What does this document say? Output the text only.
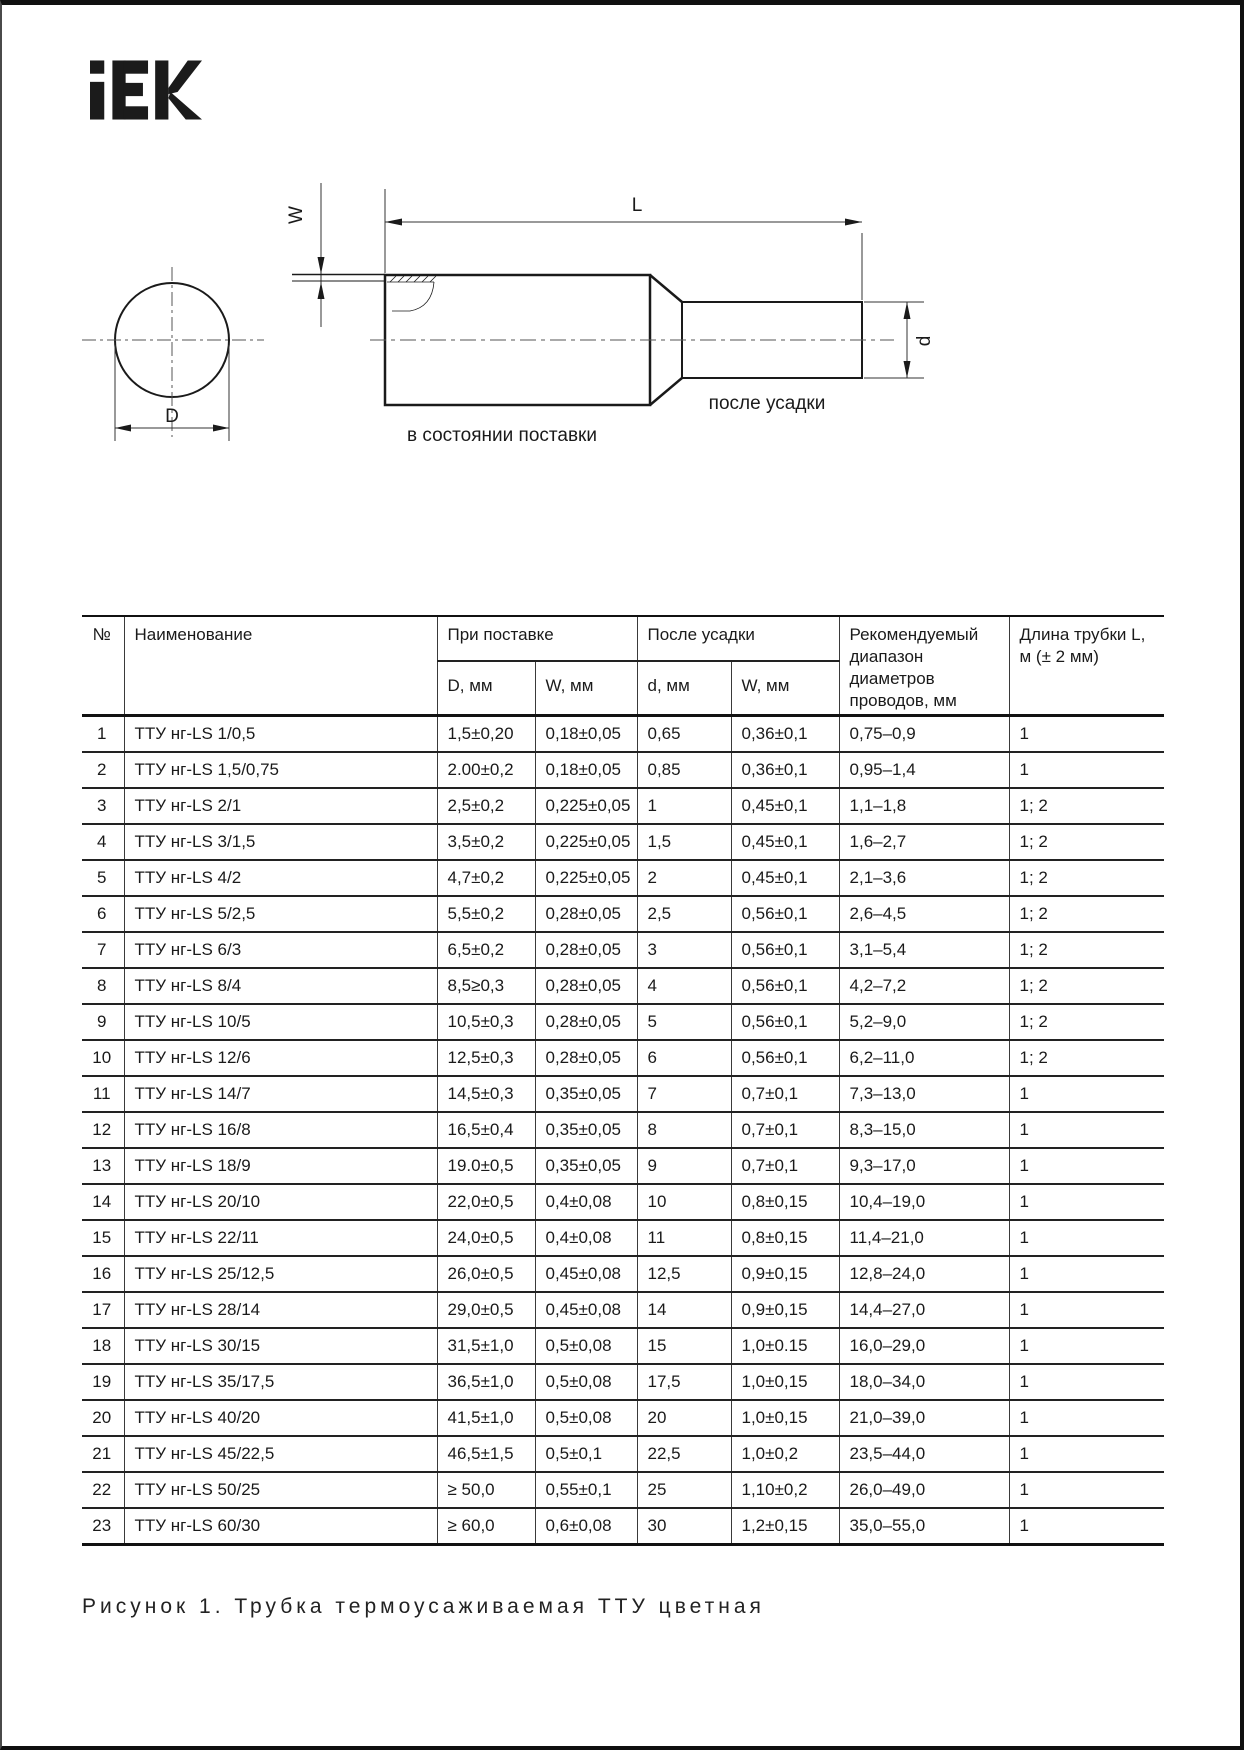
D
W	L
d
в состоянии поставки
после усадки
№	Наименование	При поставке		После усадки		Рекомендуемый диапазон диаметров проводов, мм	Длина трубки L, м (± 2 мм)
		D, мм	W, мм	d, мм	W, мм		
1	ТТУ нг-LS 1/0,5	1,5±0,20	0,18±0,05	0,65	0,36±0,1	0,75–0,9	1
2	ТТУ нг-LS 1,5/0,75	2.00±0,2	0,18±0,05	0,85	0,36±0,1	0,95–1,4	1
3	ТТУ нг-LS 2/1	2,5±0,2	0,225±0,05	1	0,45±0,1	1,1–1,8	1; 2
4	ТТУ нг-LS 3/1,5	3,5±0,2	0,225±0,05	1,5	0,45±0,1	1,6–2,7	1; 2
5	ТТУ нг-LS 4/2	4,7±0,2	0,225±0,05	2	0,45±0,1	2,1–3,6	1; 2
6	ТТУ нг-LS 5/2,5	5,5±0,2	0,28±0,05	2,5	0,56±0,1	2,6–4,5	1; 2
7	ТТУ нг-LS 6/3	6,5±0,2	0,28±0,05	3	0,56±0,1	3,1–5,4	1; 2
8	ТТУ нг-LS 8/4	8,5≥0,3	0,28±0,05	4	0,56±0,1	4,2–7,2	1; 2
9	ТТУ нг-LS 10/5	10,5±0,3	0,28±0,05	5	0,56±0,1	5,2–9,0	1; 2
10	ТТУ нг-LS 12/6	12,5±0,3	0,28±0,05	6	0,56±0,1	6,2–11,0	1; 2
11	ТТУ нг-LS 14/7	14,5±0,3	0,35±0,05	7	0,7±0,1	7,3–13,0	1
12	ТТУ нг-LS 16/8	16,5±0,4	0,35±0,05	8	0,7±0,1	8,3–15,0	1
13	ТТУ нг-LS 18/9	19.0±0,5	0,35±0,05	9	0,7±0,1	9,3–17,0	1
14	ТТУ нг-LS 20/10	22,0±0,5	0,4±0,08	10	0,8±0,15	10,4–19,0	1
15	ТТУ нг-LS 22/11	24,0±0,5	0,4±0,08	11	0,8±0,15	11,4–21,0	1
16	ТТУ нг-LS 25/12,5	26,0±0,5	0,45±0,08	12,5	0,9±0,15	12,8–24,0	1
17	ТТУ нг-LS 28/14	29,0±0,5	0,45±0,08	14	0,9±0,15	14,4–27,0	1
18	ТТУ нг-LS 30/15	31,5±1,0	0,5±0,08	15	1,0±0.15	16,0–29,0	1
19	ТТУ нг-LS 35/17,5	36,5±1,0	0,5±0,08	17,5	1,0±0,15	18,0–34,0	1
20	ТТУ нг-LS 40/20	41,5±1,0	0,5±0,08	20	1,0±0,15	21,0–39,0	1
21	ТТУ нг-LS 45/22,5	46,5±1,5	0,5±0,1	22,5	1,0±0,2	23,5–44,0	1
22	ТТУ нг-LS 50/25	≥ 50,0	0,55±0,1	25	1,10±0,2	26,0–49,0	1
23	ТТУ нг-LS 60/30	≥ 60,0	0,6±0,08	30	1,2±0,15	35,0–55,0	1
Рисунок 1. Трубка термоусаживаемая ТТУ цветная
